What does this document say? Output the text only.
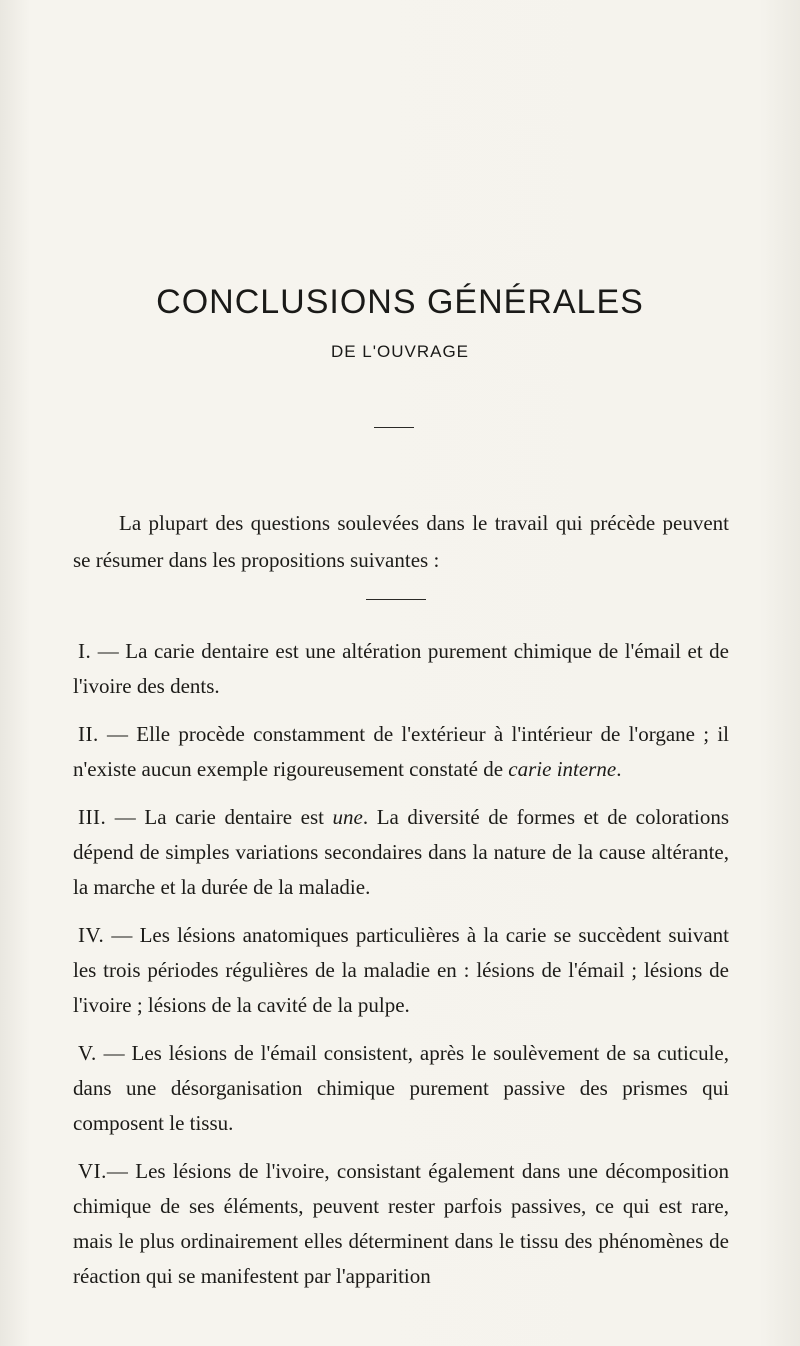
CONCLUSIONS GÉNÉRALES
DE L'OUVRAGE

La plupart des questions soulevées dans le travail qui précède peuvent se résumer dans les propositions suivantes :

I. — La carie dentaire est une altération purement chimique de l'émail et de l'ivoire des dents.

II. — Elle procède constamment de l'extérieur à l'intérieur de l'organe ; il n'existe aucun exemple rigoureusement constaté de carie interne.

III. — La carie dentaire est une. La diversité de formes et de colorations dépend de simples variations secondaires dans la nature de la cause altérante, la marche et la durée de la maladie.

IV. — Les lésions anatomiques particulières à la carie se succèdent suivant les trois périodes régulières de la maladie en : lésions de l'émail ; lésions de l'ivoire ; lésions de la cavité de la pulpe.

V. — Les lésions de l'émail consistent, après le soulèvement de sa cuticule, dans une désorganisation chimique purement passive des prismes qui composent le tissu.

VI.— Les lésions de l'ivoire, consistant également dans une décomposition chimique de ses éléments, peuvent rester parfois passives, ce qui est rare, mais le plus ordinairement elles déterminent dans le tissu des phénomènes de réaction qui se manifestent par l'apparition
